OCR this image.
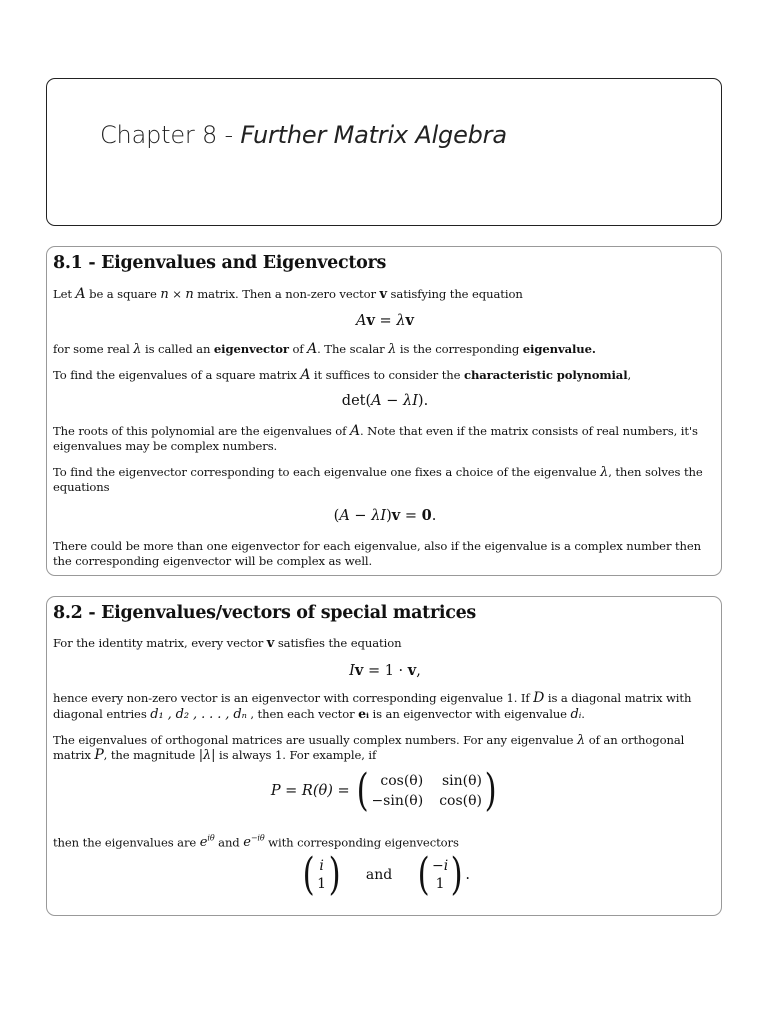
Chapter 8 - Further Matrix Algebra
8.1 - Eigenvalues and Eigenvectors
Let A be a square n × n matrix. Then a non-zero vector v satisfying the equation
Av = λv
for some real λ is called an eigenvector of A. The scalar λ is the corresponding eigenvalue.
To find the eigenvalues of a square matrix A it suffices to consider the characteristic polynomial,
det(A − λI).
The roots of this polynomial are the eigenvalues of A. Note that even if the matrix consists of real numbers, it's eigenvalues may be complex numbers.
To find the eigenvector corresponding to each eigenvalue one fixes a choice of the eigenvalue λ, then solves the equations
(A − λI)v = 0.
There could be more than one eigenvector for each eigenvalue, also if the eigenvalue is a complex number then the corresponding eigenvector will be complex as well.
8.2 - Eigenvalues/vectors of special matrices
For the identity matrix, every vector v satisfies the equation
Iv = 1 · v,
hence every non-zero vector is an eigenvector with corresponding eigenvalue 1. If D is a diagonal matrix with diagonal entries d₁ , d₂ , . . . , dₙ , then each vector eᵢ is an eigenvector with eigenvalue dᵢ.
The eigenvalues of orthogonal matrices are usually complex numbers. For any eigenvalue λ of an orthogonal matrix P, the magnitude |λ| is always 1. For example, if
P = R(θ) = ( cos(θ) sin(θ)
−sin(θ) cos(θ) )
then the eigenvalues are $e^{i\theta}$ and $e^{-i\theta}$ with corresponding eigenvectors
( i
1 ) and ( −i
1 ) .
